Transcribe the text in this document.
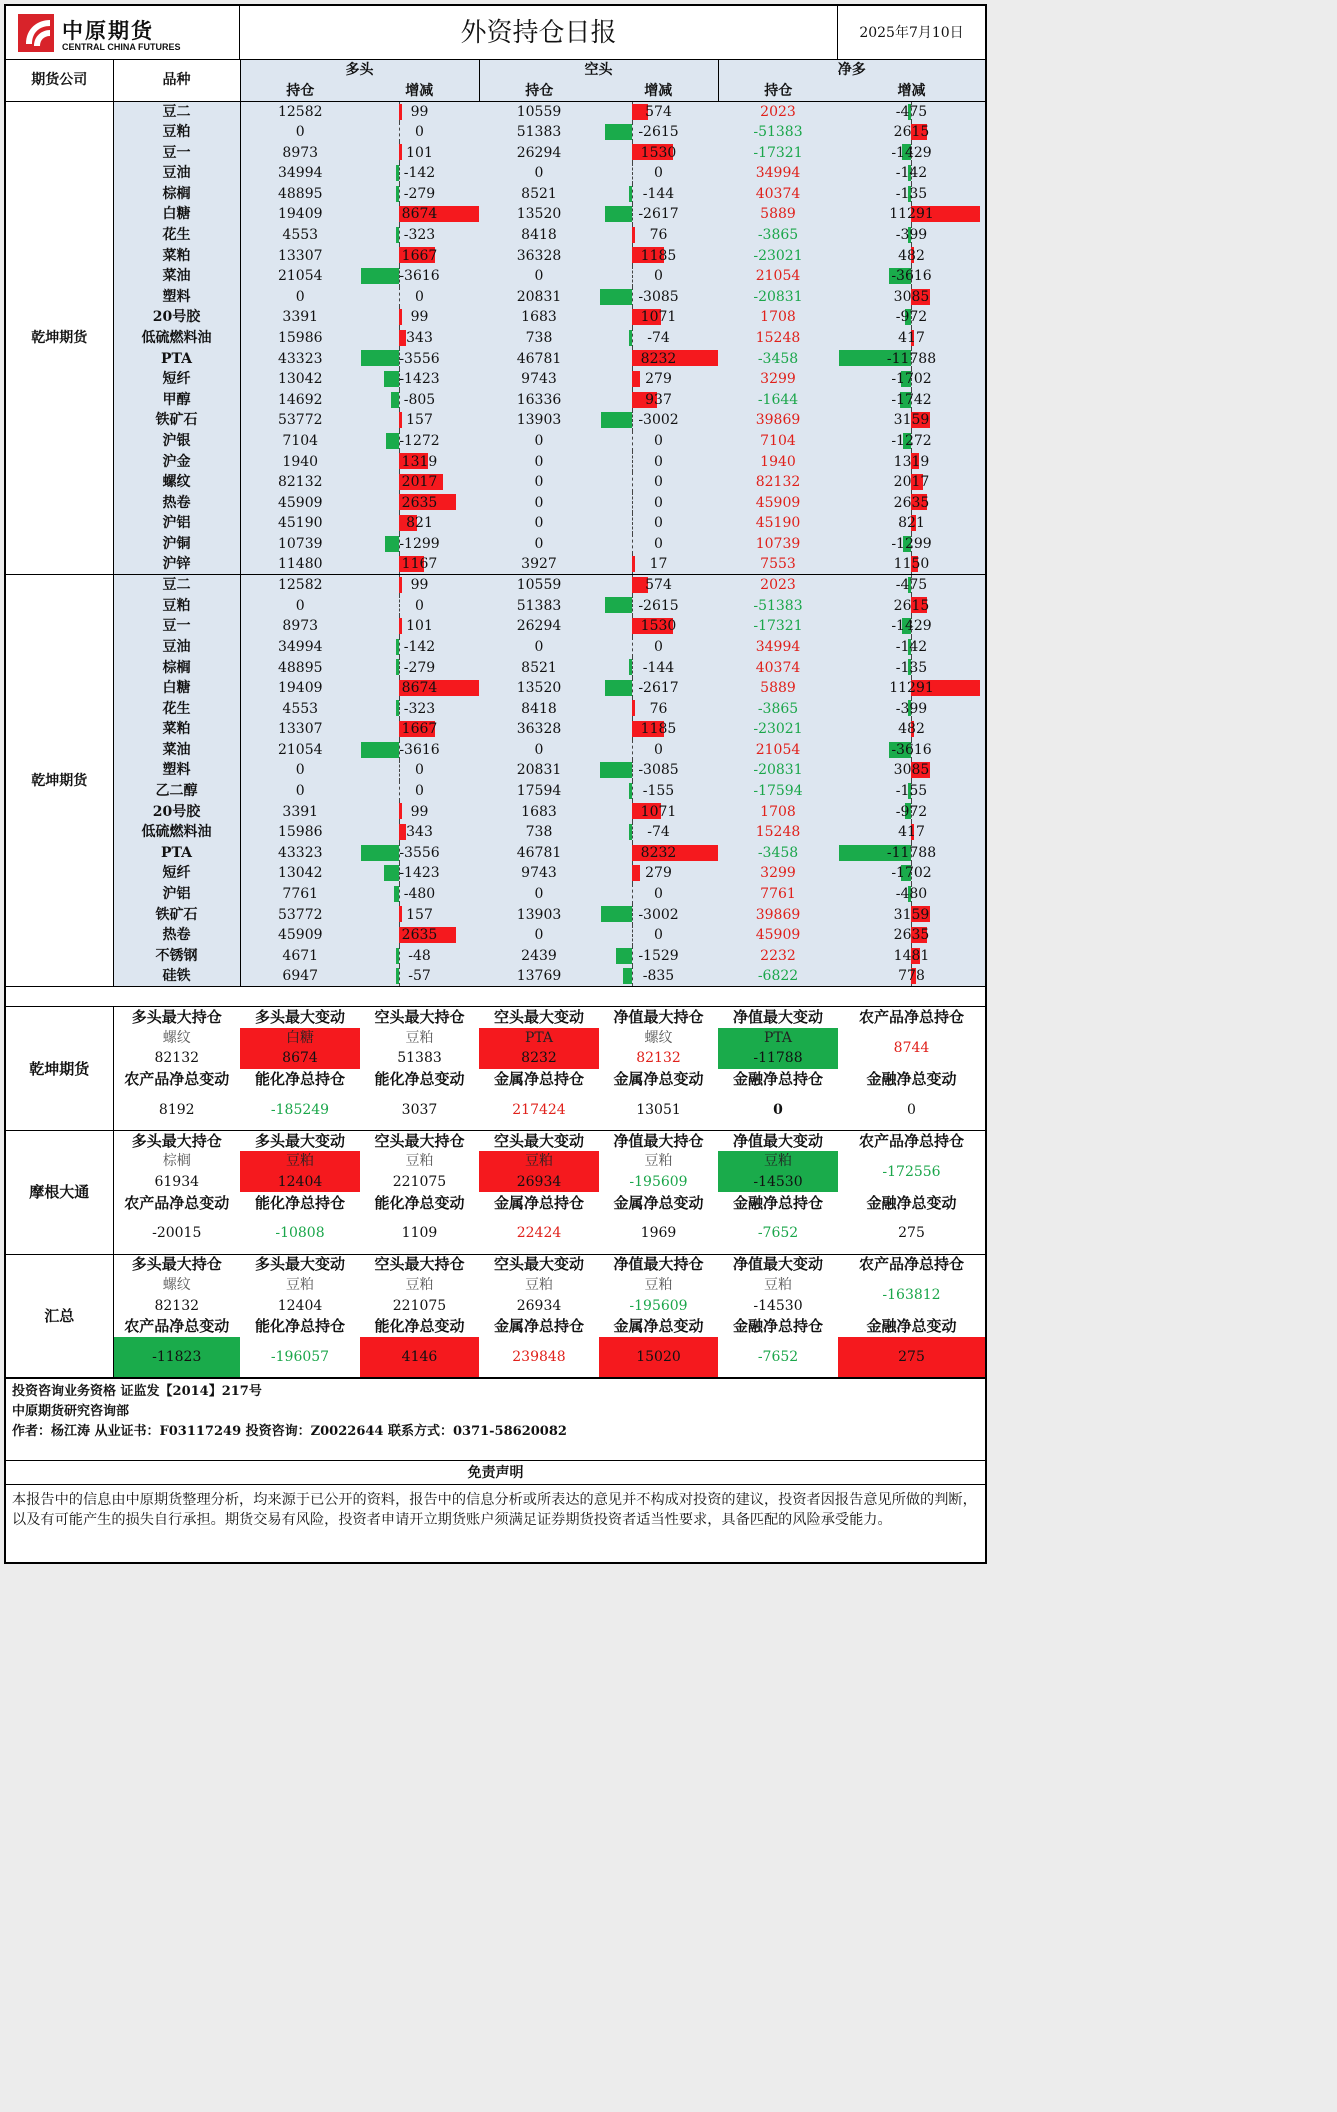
中原期货
CENTRAL CHINA FUTURES	外资持仓日报	2025年7月10日
期货公司	品种	多头		空头		净多	
		持仓	增减	持仓	增减	持仓	增减
乾坤期货	豆二	12582	99	10559	574	2023	-475
	豆粕	0	0	51383	-2615	-51383	2615
	豆一	8973	101	26294	1530	-17321	-1429
	豆油	34994	-142	0	0	34994	-142
	棕榈	48895	-279	8521	-144	40374	-135
	白糖	19409	8674	13520	-2617	5889	11291
	花生	4553	-323	8418	76	-3865	-399
	菜粕	13307	1667	36328	1185	-23021	482
	菜油	21054	-3616	0	0	21054	-3616
	塑料	0	0	20831	-3085	-20831	3085
	20号胶	3391	99	1683	1071	1708	-972
	低硫燃料油	15986	343	738	-74	15248	417
	PTA	43323	-3556	46781	8232	-3458	-11788
	短纤	13042	-1423	9743	279	3299	-1702
	甲醇	14692	-805	16336	937	-1644	-1742
	铁矿石	53772	157	13903	-3002	39869	3159
	沪银	7104	-1272	0	0	7104	-1272
	沪金	1940	1319	0	0	1940	1319
	螺纹	82132	2017	0	0	82132	2017
	热卷	45909	2635	0	0	45909	2635
	沪铝	45190	821	0	0	45190	821
	沪铜	10739	-1299	0	0	10739	-1299
	沪锌	11480	1167	3927	17	7553	1150
乾坤期货	豆二	12582	99	10559	574	2023	-475
	豆粕	0	0	51383	-2615	-51383	2615
	豆一	8973	101	26294	1530	-17321	-1429
	豆油	34994	-142	0	0	34994	-142
	棕榈	48895	-279	8521	-144	40374	-135
	白糖	19409	8674	13520	-2617	5889	11291
	花生	4553	-323	8418	76	-3865	-399
	菜粕	13307	1667	36328	1185	-23021	482
	菜油	21054	-3616	0	0	21054	-3616
	塑料	0	0	20831	-3085	-20831	3085
	乙二醇	0	0	17594	-155	-17594	-155
	20号胶	3391	99	1683	1071	1708	-972
	低硫燃料油	15986	343	738	-74	15248	417
	PTA	43323	-3556	46781	8232	-3458	-11788
	短纤	13042	-1423	9743	279	3299	-1702
	沪铝	7761	-480	0	0	7761	-480
	铁矿石	53772	157	13903	-3002	39869	3159
	热卷	45909	2635	0	0	45909	2635
	不锈钢	4671	-48	2439	-1529	2232	1481
	硅铁	6947	-57	13769	-835	-6822	778
乾坤期货	多头最大持仓	多头最大变动	空头最大持仓	空头最大变动	净值最大持仓	净值最大变动	农产品净总持仓
	螺纹	白糖	豆粕	PTA	螺纹	PTA	8744
	82132	8674	51383	8232	82132	-11788	
	农产品净总变动	能化净总持仓	能化净总变动	金属净总持仓	金属净总变动	金融净总持仓	金融净总变动
	8192	-185249	3037	217424	13051	0	0

摩根大通	多头最大持仓	多头最大变动	空头最大持仓	空头最大变动	净值最大持仓	净值最大变动	农产品净总持仓
	棕榈	豆粕	豆粕	豆粕	豆粕	豆粕	-172556
	61934	12404	221075	26934	-195609	-14530	
	农产品净总变动	能化净总持仓	能化净总变动	金属净总持仓	金属净总变动	金融净总持仓	金融净总变动
	-20015	-10808	1109	22424	1969	-7652	275

汇总	多头最大持仓	多头最大变动	空头最大持仓	空头最大变动	净值最大持仓	净值最大变动	农产品净总持仓
	螺纹	豆粕	豆粕	豆粕	豆粕	豆粕	-163812
	82132	12404	221075	26934	-195609	-14530	
	农产品净总变动	能化净总持仓	能化净总变动	金属净总持仓	金属净总变动	金融净总持仓	金融净总变动
	-11823	-196057	4146	239848	15020	-7652	275

投资咨询业务资格 证监发【2014】217号
中原期货研究咨询部
作者：杨江涛 从业证书：F03117249 投资咨询：Z0022644 联系方式：0371-58620082
免责声明
本报告中的信息由中原期货整理分析，均来源于已公开的资料，报告中的信息分析或所表达的意见并不构成对投资的建议，投资者因报告意见所做的判断，以及有可能产生的损失自行承担。期货交易有风险，投资者申请开立期货账户须满足证券期货投资者适当性要求，具备匹配的风险承受能力。
